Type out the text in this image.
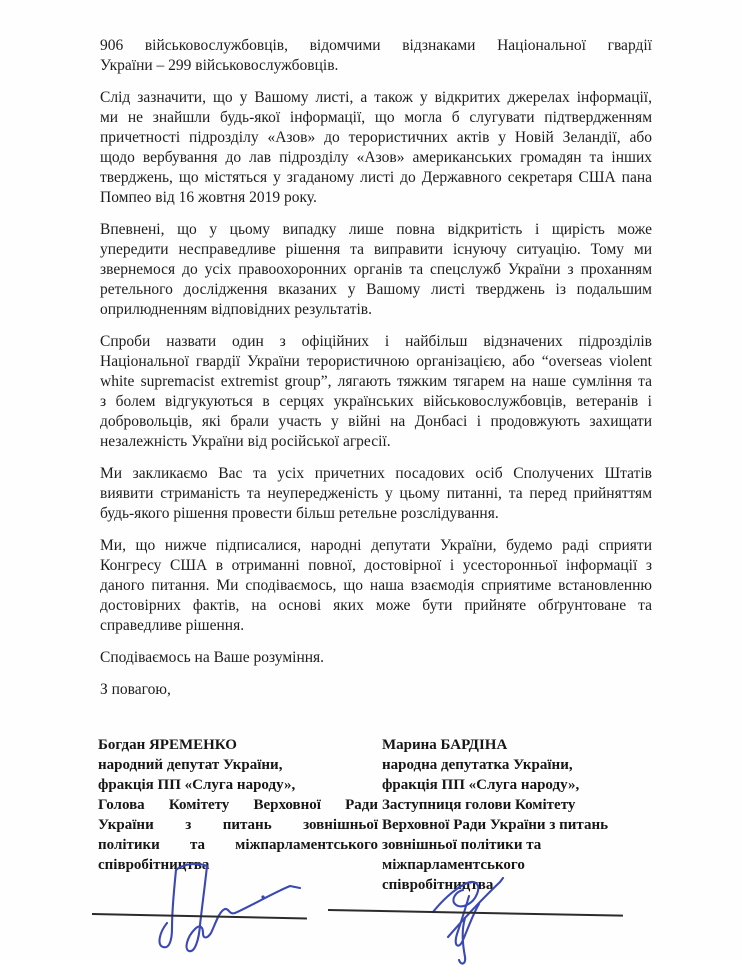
906 військовослужбовців, відомчими відзнаками Національної гвардії
України – 299 військовослужбовців.
Слід зазначити, що у Вашому листі, а також у відкритих джерелах інформації,
ми не знайшли будь-якої інформації, що могла б слугувати підтвердженням
причетності підрозділу «Азов» до терористичних актів у Новій Зеландії, або
щодо вербування до лав підрозділу «Азов» американських громадян та інших
тверджень, що містяться у згаданому листі до Державного секретаря США пана
Помпео від 16 жовтня 2019 року.
Впевнені, що у цьому випадку лише повна відкритість і щирість може
упередити несправедливе рішення та виправити існуючу ситуацію. Тому ми
звернемося до усіх правоохоронних органів та спецслужб України з проханням
ретельного дослідження вказаних у Вашому листі тверджень із подальшим
оприлюдненням відповідних результатів.
Спроби назвати один з офіційних і найбільш відзначених підрозділів
Національної гвардії України терористичною організацією, або “overseas violent
white supremacist extremist group”, лягають тяжким тягарем на наше сумління та
з болем відгукуються в серцях українських військовослужбовців, ветеранів і
добровольців, які брали участь у війні на Донбасі і продовжують захищати
незалежність України від російської агресії.
Ми закликаємо Вас та усіх причетних посадових осіб Сполучених Штатів
виявити стриманість та неупередженість у цьому питанні, та перед прийняттям
будь-якого рішення провести більш ретельне розслідування.
Ми, що нижче підписалися, народні депутати України, будемо раді сприяти
Конгресу США в отриманні повної, достовірної і усесторонньої інформації з
даного питання. Ми сподіваємось, що наша взаємодія сприятиме встановленню
достовірних фактів, на основі яких може бути прийняте обґрунтоване та
справедливе рішення.
Сподіваємось на Ваше розуміння.
З повагою,
Богдан ЯРЕМЕНКО
народний депутат України,
фракція ПП «Слуга народу»,
Голова Комітету Верховної Ради
України з питань зовнішньої
політики та міжпарламентського
співробітництва
Марина БАРДІНА
народна депутатка України,
фракція ПП «Слуга народу»,
Заступниця голови Комітету
Верховної Ради України з питань
зовнішньої політики та
міжпарламентського
співробітництва
